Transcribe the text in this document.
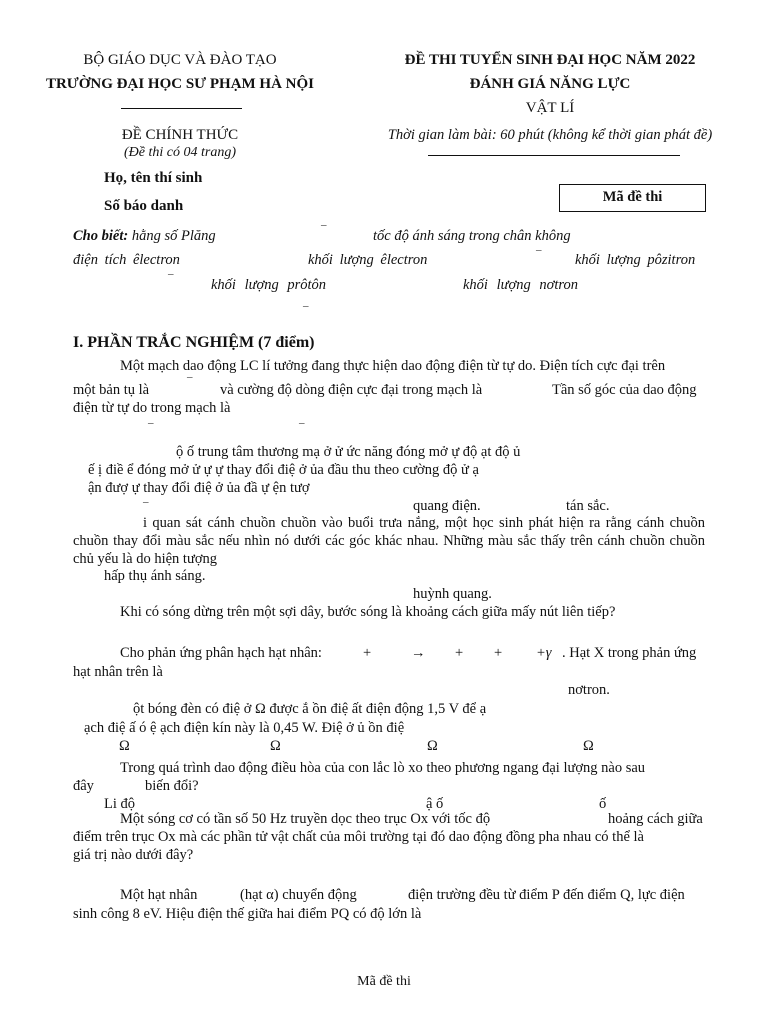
BỘ GIÁO DỤC VÀ ĐÀO TẠO
TRƯỜNG ĐẠI HỌC SƯ PHẠM HÀ NỘI
ĐỀ CHÍNH THỨC
(Đề thi có 04 trang)
ĐỀ THI TUYỂN SINH ĐẠI HỌC NĂM 2022
ĐÁNH GIÁ NĂNG LỰC
VẬT LÍ
Thời gian làm bài: 60 phút (không kể thời gian phát đề)
Họ, tên thí sinh
Số báo danh
Mã đề thi
Cho biết: hằng số Plăng
–
tốc độ ánh sáng trong chân không
điện tích êlectron	khối lượng êlectron
–
khối lượng pôzitron
–
khối lượng prôtôn	khối lượng nơtron
–
I. PHẦN TRẮC NGHIỆM (7 điểm)
Một mạch dao động LC lí tưởng đang thực hiện dao động điện từ tự do. Điện tích cực đại trên
một bản tụ là
–
và cường độ dòng điện cực đại trong mạch là	Tần số góc của dao động
điện từ tự do trong mạch là
–	–
ộ ố trung tâm thương mạ ở ử ức năng đóng mở ự độ ạt độ ủ
ế ị điề ể đóng mở ử ự ự thay đổi điệ ở ủa đầu thu theo cường độ ử ạ
ận đượ ự thay đổi điệ ở ủa đầ ự ện tượ
–	quang điện.	tán sắc.
i quan sát cánh chuồn chuồn vào buổi trưa nắng, một học sinh phát hiện ra rằng cánh chuồn chuồn thay đổi màu sắc nếu nhìn nó dưới các góc khác nhau. Những màu sắc thấy trên cánh chuồn chuồn chủ yếu là do hiện tượng
hấp thụ ánh sáng.
huỳnh quang.
Khi có sóng dừng trên một sợi dây, bước sóng là khoảng cách giữa mấy nút liên tiếp?
Cho phản ứng phân hạch hạt nhân:	+	→ + + +γ . Hạt X trong phản ứng
hạt nhân trên là
nơtron.
ột bóng đèn có điệ ở Ω được ắ ồn điệ ất điện động 1,5 V để ạ
ạch điệ ấ ó ệ ạch điện kín này là 0,45 W. Điệ ở ủ ồn điệ
Ω	Ω	Ω	Ω
Trong quá trình dao động điều hòa của con lắc lò xo theo phương ngang đại lượng nào sau
đây	biến đổi?
Li độ	ậ ố	ố
Một sóng cơ có tần số 50 Hz truyền dọc theo trục Ox với tốc độ	hoảng cách giữa
điểm trên trục Ox mà các phần tử vật chất của môi trường tại đó dao động đồng pha nhau có thể là
giá trị nào dưới đây?
Một hạt nhân	(hạt α) chuyển động	điện trường đều từ điểm P đến điểm Q, lực điện
sinh công 8 eV. Hiệu điện thế giữa hai điểm PQ có độ lớn là
Mã đề thi
